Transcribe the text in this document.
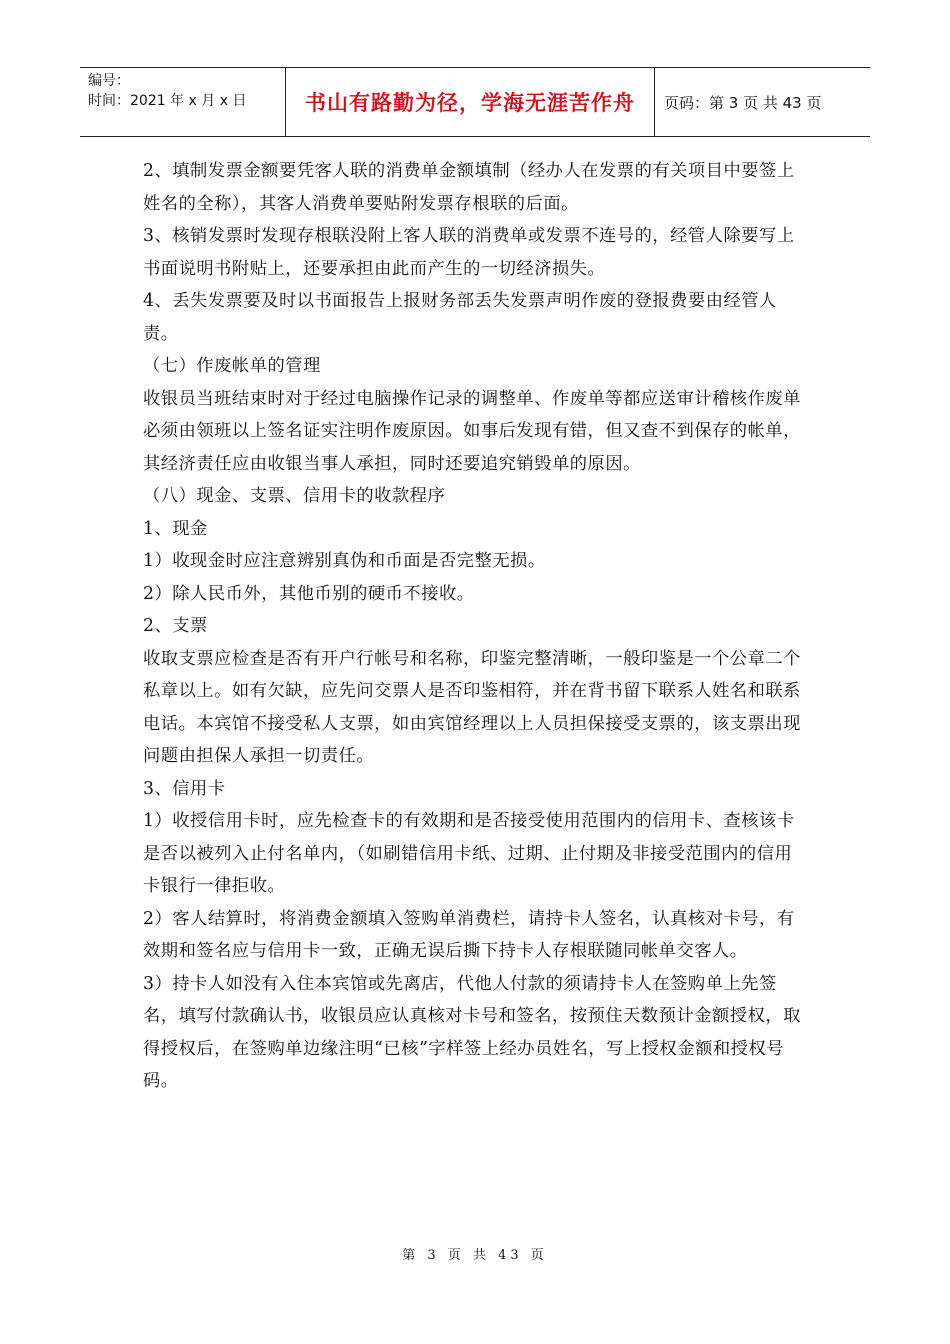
编号：
时间：2021 年 x 月 x 日	书山有路勤为径，学海无涯苦作舟 页码：第 3 页 共 43 页

2、填制发票金额要凭客人联的消费单金额填制（经办人在发票的有关项目中要签上姓名的全称），其客人消费单要贴附发票存根联的后面。

3、核销发票时发现存根联没附上客人联的消费单或发票不连号的，经管人除要写上书面说明书附贴上，还要承担由此而产生的一切经济损失。

4、丢失发票要及时以书面报告上报财务部丢失发票声明作废的登报费要由经管人责。

（七）作废帐单的管理

收银员当班结束时对于经过电脑操作记录的调整单、作废单等都应送审计稽核作废单必须由领班以上签名证实注明作废原因。如事后发现有错，但又查不到保存的帐单，其经济责任应由收银当事人承担，同时还要追究销毁单的原因。

（八）现金、支票、信用卡的收款程序

1、现金

1）收现金时应注意辨别真伪和币面是否完整无损。

2）除人民币外，其他币别的硬币不接收。

2、支票

收取支票应检查是否有开户行帐号和名称，印鉴完整清晰，一般印鉴是一个公章二个私章以上。如有欠缺，应先问交票人是否印鉴相符，并在背书留下联系人姓名和联系电话。本宾馆不接受私人支票，如由宾馆经理以上人员担保接受支票的，该支票出现问题由担保人承担一切责任。

3、信用卡

1）收授信用卡时，应先检查卡的有效期和是否接受使用范围内的信用卡、查核该卡是否以被列入止付名单内，（如刷错信用卡纸、过期、止付期及非接受范围内的信用卡银行一律拒收。

2）客人结算时，将消费金额填入签购单消费栏，请持卡人签名，认真核对卡号，有效期和签名应与信用卡一致，正确无误后撕下持卡人存根联随同帐单交客人。

3）持卡人如没有入住本宾馆或先离店，代他人付款的须请持卡人在签购单上先签名，填写付款确认书，收银员应认真核对卡号和签名，按预住天数预计金额授权，取得授权后，在签购单边缘注明“已核”字样签上经办员姓名，写上授权金额和授权号码。

第 3 页 共 43 页
